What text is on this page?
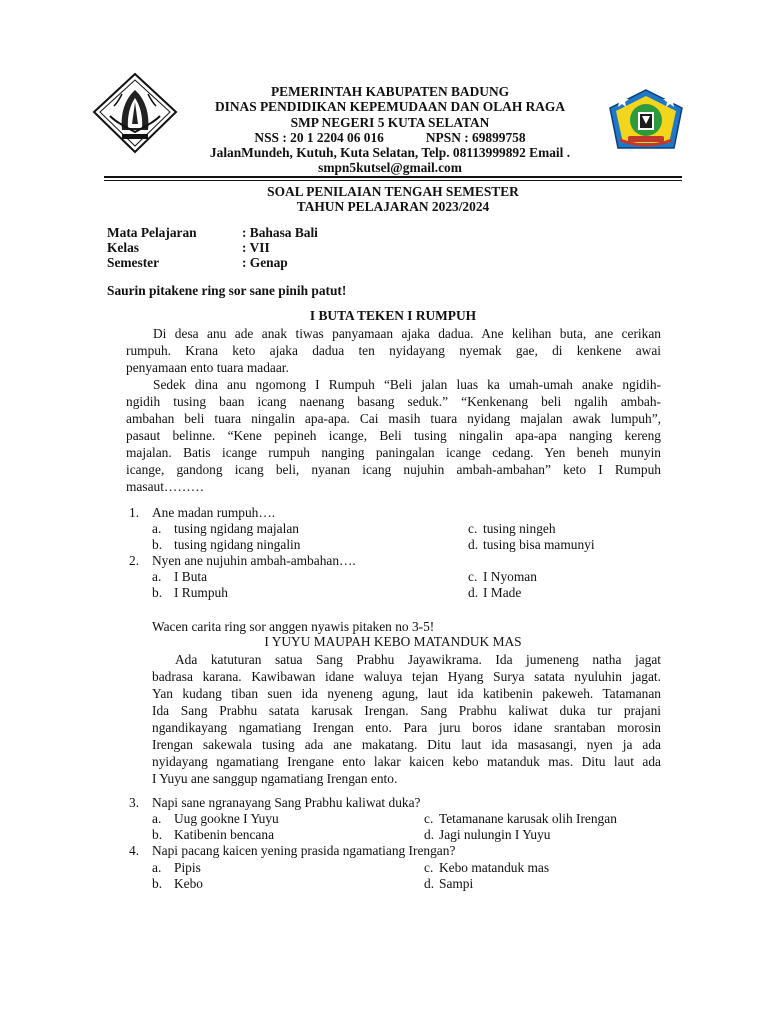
PEMERINTAH KABUPATEN BADUNG
DINAS PENDIDIKAN KEPEMUDAAN DAN OLAH RAGA
SMP NEGERI 5 KUTA SELATAN
NSS : 20 1 2204 06 016	NPSN : 69899758
JalanMundeh, Kutuh, Kuta Selatan, Telp. 08113999892 Email .
smpn5kutsel@gmail.com
SOAL PENILAIAN TENGAH SEMESTER
TAHUN PELAJARAN 2023/2024
Mata Pelajaran	: Bahasa Bali
Kelas	: VII
Semester	: Genap
Saurin pitakene ring sor sane pinih patut!
I BUTA TEKEN I RUMPUH

Di desa anu ade anak tiwas panyamaan ajaka dadua. Ane kelihan buta, ane cerikan
rumpuh. Krana keto ajaka dadua ten nyidayang nyemak gae, di kenkene awai
penyamaan ento tuara madaar.
Sedek dina anu ngomong I Rumpuh “Beli jalan luas ka umah-umah anake ngidih-
ngidih tusing baan icang naenang basang seduk.” “Kenkenang beli ngalih ambah-
ambahan beli tuara ningalin apa-apa. Cai masih tuara nyidang majalan awak lumpuh”,
pasaut belinne. “Kene pepineh icange, Beli tusing ningalin apa-apa nanging kereng
majalan. Batis icange rumpuh nanging paningalan icange cedang. Yen beneh munyin
icange, gandong icang beli, nyanan icang nujuhin ambah-ambahan” keto I Rumpuh
masaut………
1. Ane madan rumpuh….
a. tusing ngidang majalan
b. tusing ngidang ningalin
c. tusing ningeh
d. tusing bisa mamunyi
2. Nyen ane nujuhin ambah-ambahan….
a. I Buta
b. I Rumpuh
c. I Nyoman
d. I Made
Wacen carita ring sor anggen nyawis pitaken no 3-5!
I YUYU MAUPAH KEBO MATANDUK MAS
Ada katuturan satua Sang Prabhu Jayawikrama. Ida jumeneng natha jagat
badrasa karana. Kawibawan idane waluya tejan Hyang Surya satata nyuluhin jagat.
Yan kudang tiban suen ida nyeneng agung, laut ida katibenin pakeweh. Tatamanan
Ida Sang Prabhu satata karusak Irengan. Sang Prabhu kaliwat duka tur prajani
ngandikayang ngamatiang Irengan ento. Para juru boros idane srantaban morosin
Irengan sakewala tusing ada ane makatang. Ditu laut ida masasangi, nyen ja ada
nyidayang ngamatiang Irengane ento lakar kaicen kebo matanduk mas. Ditu laut ada
I Yuyu ane sanggup ngamatiang Irengan ento.
3. Napi sane ngranayang Sang Prabhu kaliwat duka?
a. Uug gookne I Yuyu
b. Katibenin bencana
c. Tetamanane karusak olih Irengan
d. Jagi nulungin I Yuyu
4. Napi pacang kaicen yening prasida ngamatiang Irengan?
a. Pipis
b. Kebo
c. Kebo matanduk mas
d. Sampi
